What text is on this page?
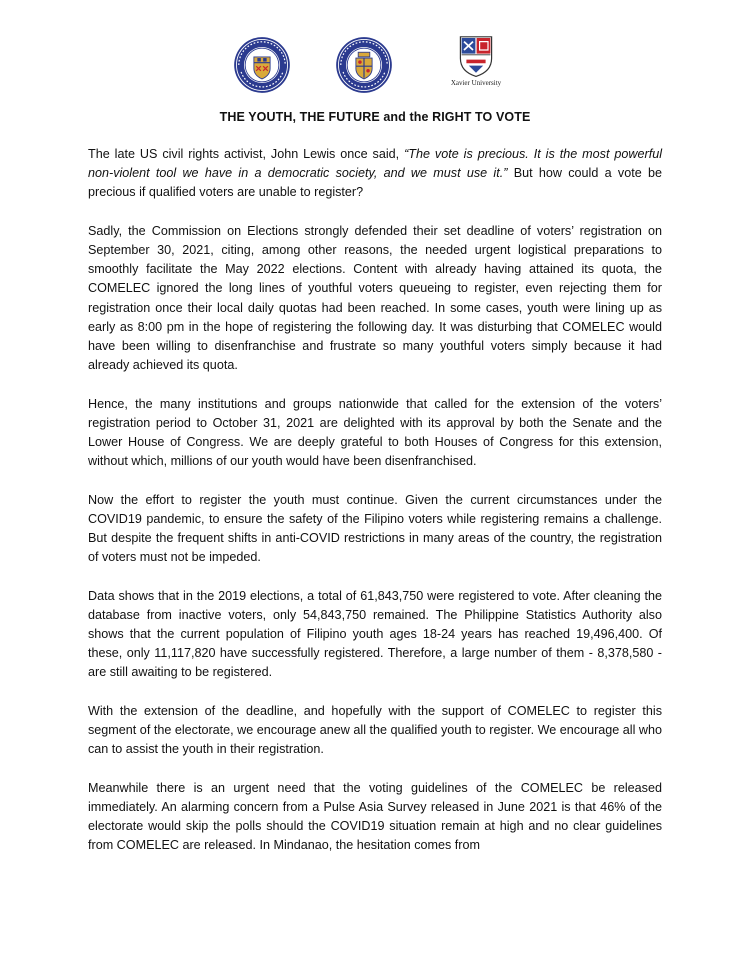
Xavier University
THE YOUTH, THE FUTURE and the RIGHT TO VOTE

The late US civil rights activist, John Lewis once said, “The vote is precious. It is the most powerful non-violent tool we have in a democratic society, and we must use it.” But how could a vote be precious if qualified voters are unable to register?

Sadly, the Commission on Elections strongly defended their set deadline of voters’ registration on September 30, 2021, citing, among other reasons, the needed urgent logistical preparations to smoothly facilitate the May 2022 elections. Content with already having attained its quota, the COMELEC ignored the long lines of youthful voters queueing to register, even rejecting them for registration once their local daily quotas had been reached. In some cases, youth were lining up as early as 8:00 pm in the hope of registering the following day. It was disturbing that COMELEC would have been willing to disenfranchise and frustrate so many youthful voters simply because it had already achieved its quota.

Hence, the many institutions and groups nationwide that called for the extension of the voters’ registration period to October 31, 2021 are delighted with its approval by both the Senate and the Lower House of Congress. We are deeply grateful to both Houses of Congress for this extension, without which, millions of our youth would have been disenfranchised.

Now the effort to register the youth must continue. Given the current circumstances under the COVID19 pandemic, to ensure the safety of the Filipino voters while registering remains a challenge. But despite the frequent shifts in anti-COVID restrictions in many areas of the country, the registration of voters must not be impeded.

Data shows that in the 2019 elections, a total of 61,843,750 were registered to vote. After cleaning the database from inactive voters, only 54,843,750 remained. The Philippine Statistics Authority also shows that the current population of Filipino youth ages 18-24 years has reached 19,496,400. Of these, only 11,117,820 have successfully registered. Therefore, a large number of them - 8,378,580 - are still awaiting to be registered.

With the extension of the deadline, and hopefully with the support of COMELEC to register this segment of the electorate, we encourage anew all the qualified youth to register. We encourage all who can to assist the youth in their registration.

Meanwhile there is an urgent need that the voting guidelines of the COMELEC be released immediately. An alarming concern from a Pulse Asia Survey released in June 2021 is that 46% of the electorate would skip the polls should the COVID19 situation remain at high and no clear guidelines from COMELEC are released. In Mindanao, the hesitation comes from
